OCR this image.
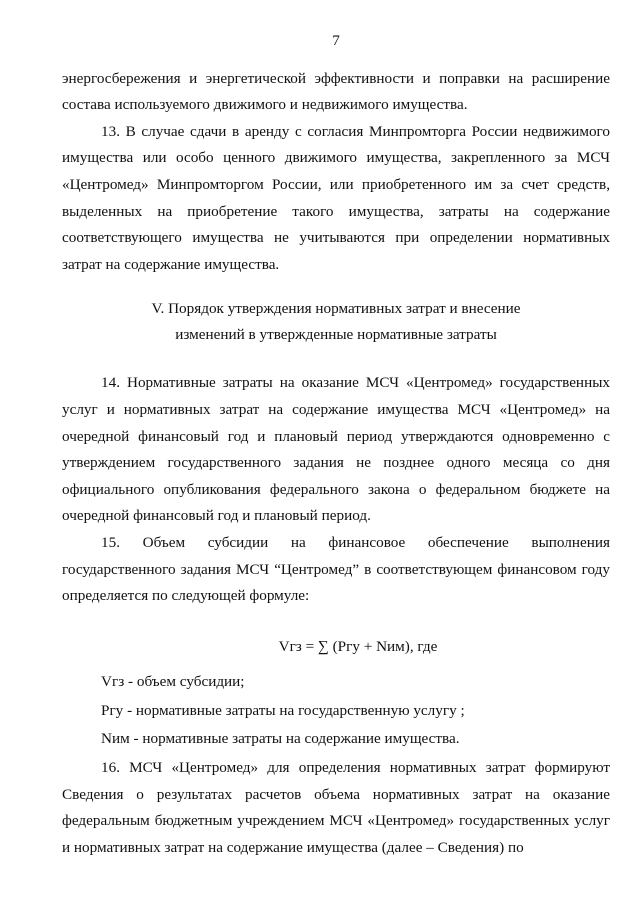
7

энергосбережения и энергетической эффективности и поправки на расширение состава используемого движимого и недвижимого имущества.

13. В случае сдачи в аренду с согласия Минпромторга России недвижимого имущества или особо ценного движимого имущества, закрепленного за МСЧ «Центромед» Минпромторгом России, или приобретенного им за счет средств, выделенных на приобретение такого имущества, затраты на содержание соответствующего имущества не учитываются при определении нормативных затрат на содержание имущества.

V. Порядок утверждения нормативных затрат и внесение
изменений в утвержденные нормативные затраты

14. Нормативные затраты на оказание МСЧ «Центромед» государственных услуг и нормативных затрат на содержание имущества МСЧ «Центромед» на очередной финансовый год и плановый период утверждаются одновременно с утверждением государственного задания не позднее одного месяца со дня официального опубликования федерального закона о федеральном бюджете на очередной финансовый год и плановый период.

15. Объем субсидии на финансовое обеспечение выполнения государственного задания МСЧ “Центромед” в соответствующем финансовом году определяется по следующей формуле:

Vгз = ∑ (Pгу + Nим), где

Vгз - объем субсидии;

Pгу - нормативные затраты на государственную услугу ;

Nим - нормативные затраты на содержание имущества.

16. МСЧ «Центромед» для определения нормативных затрат формируют Сведения о результатах расчетов объема нормативных затрат на оказание федеральным бюджетным учреждением МСЧ «Центромед» государственных услуг и нормативных затрат на содержание имущества (далее – Сведения) по
